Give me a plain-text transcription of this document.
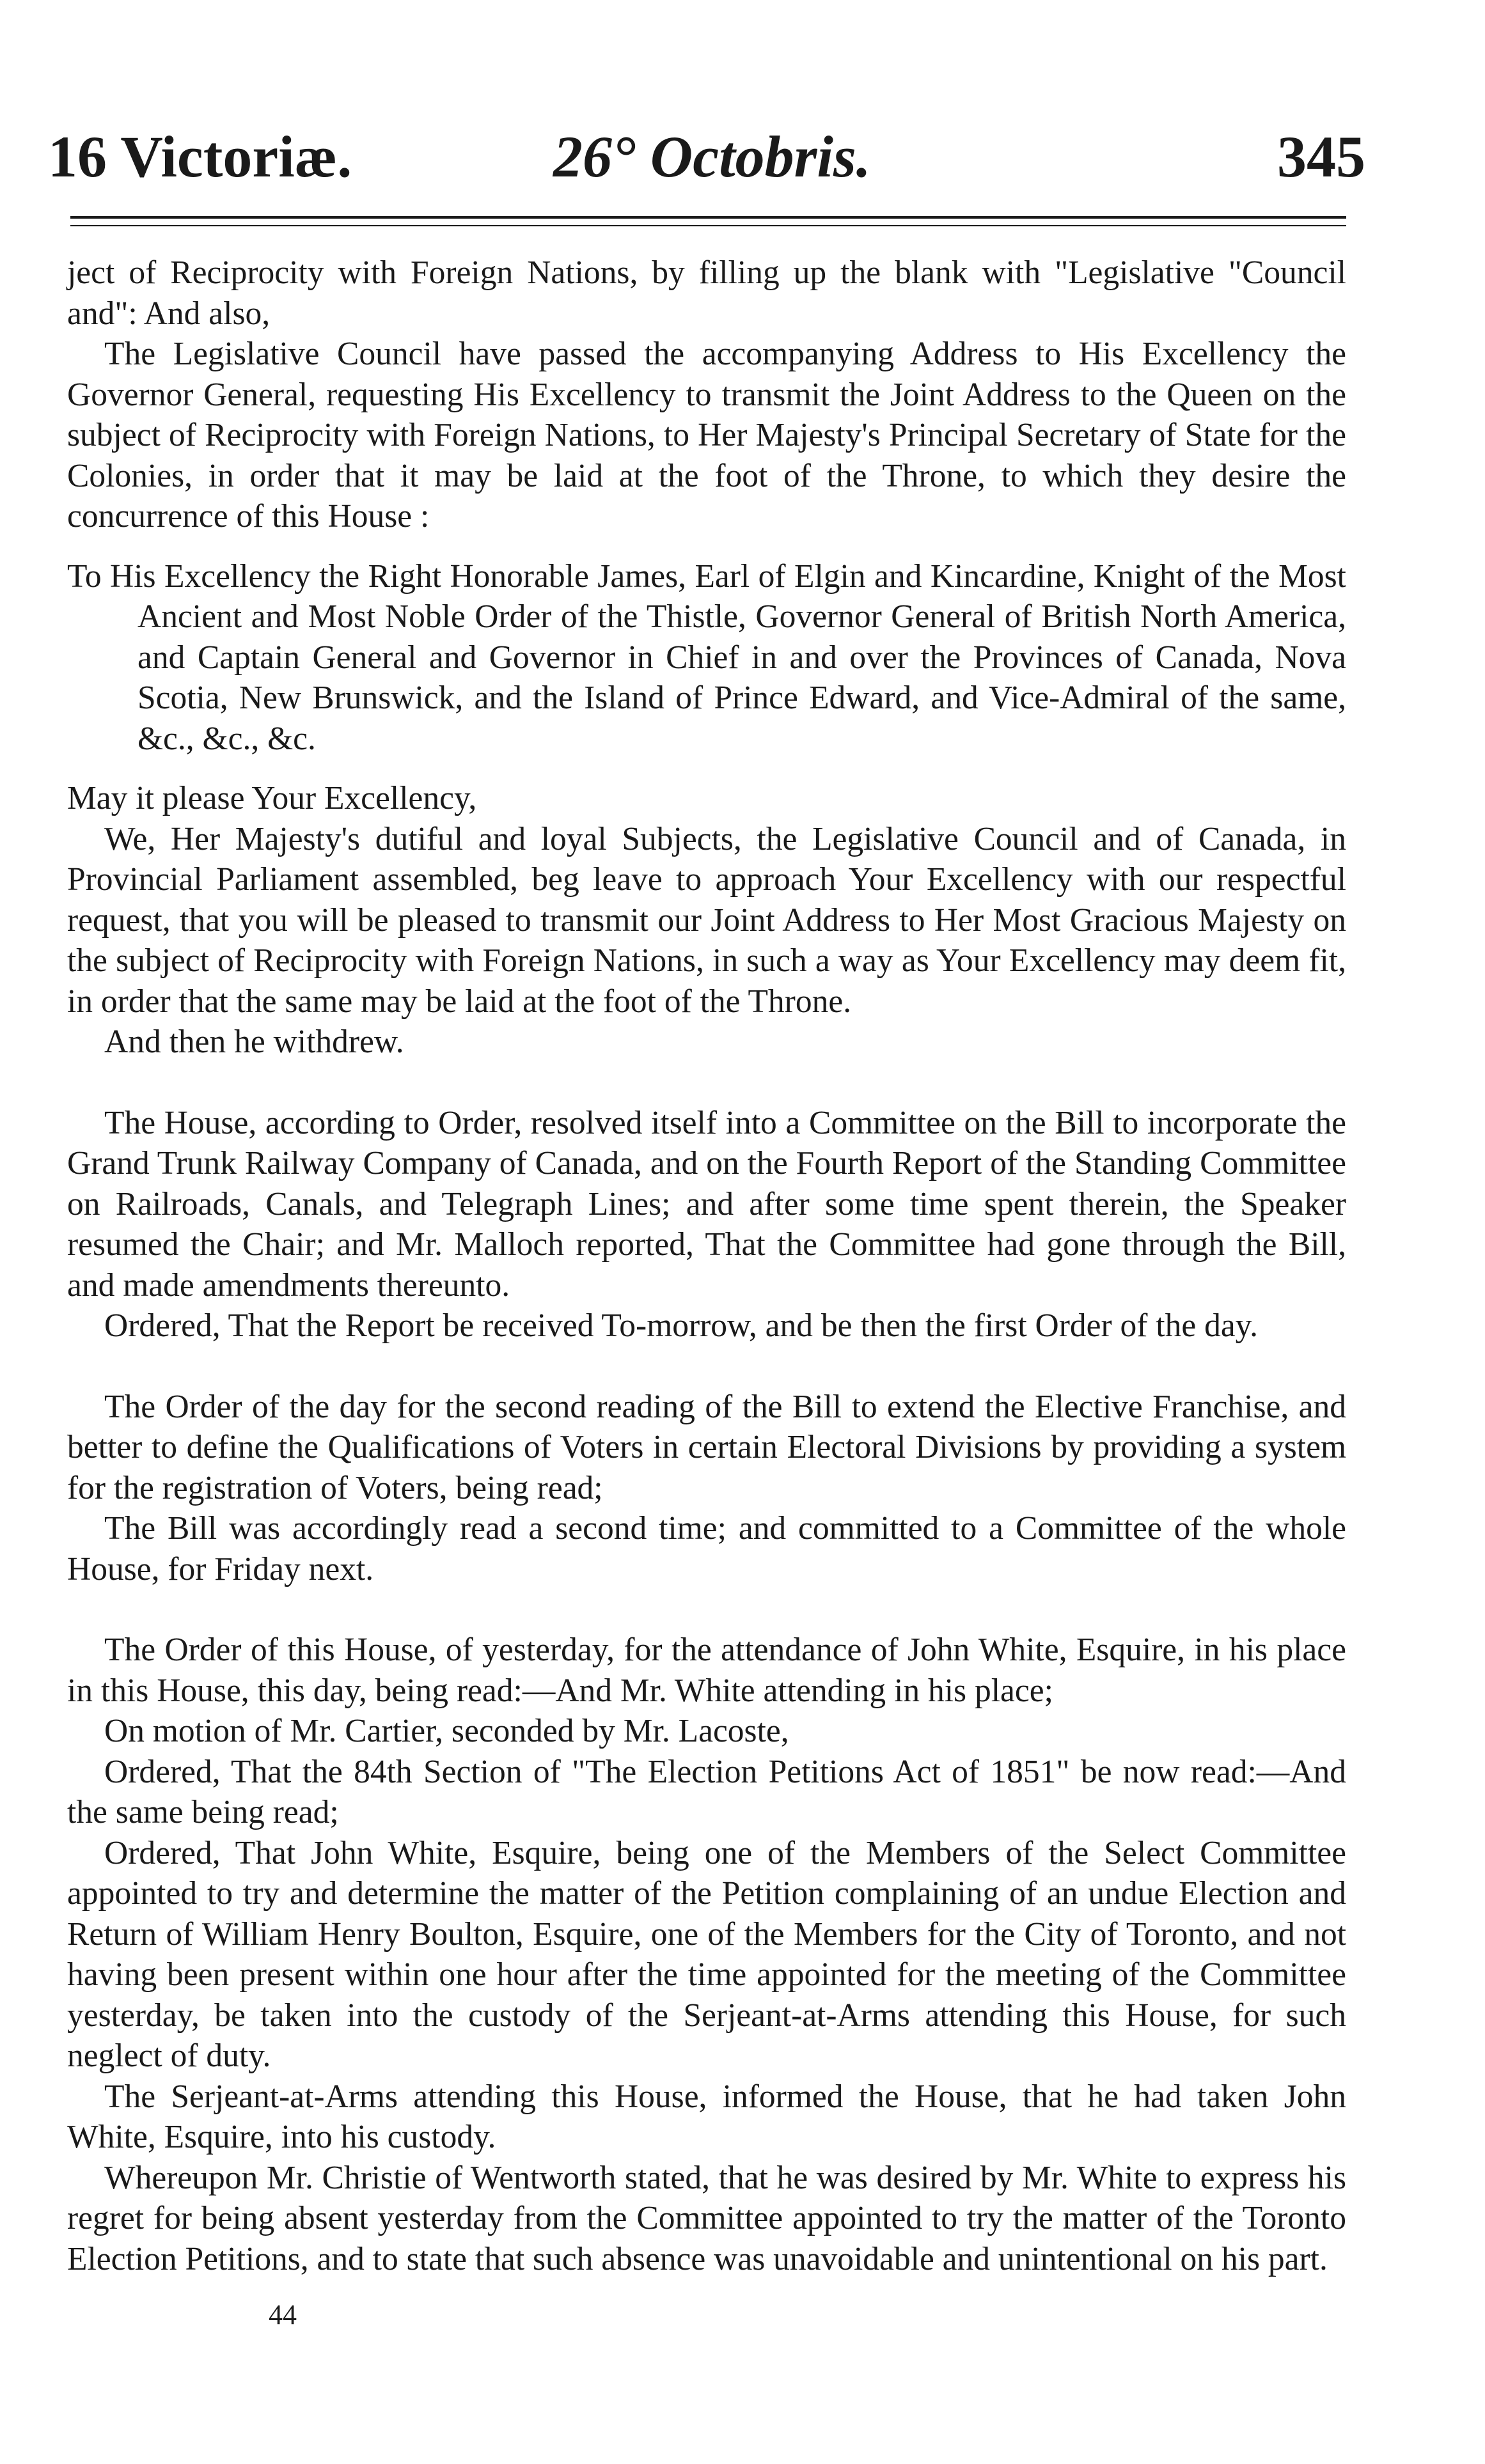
16 Victoriæ.	26° Octobris.	345

ject of Reciprocity with Foreign Nations, by filling up the blank with "Legislative "Council and": And also,

The Legislative Council have passed the accompanying Address to His Excellency the Governor General, requesting His Excellency to transmit the Joint Address to the Queen on the subject of Reciprocity with Foreign Nations, to Her Majesty's Principal Secretary of State for the Colonies, in order that it may be laid at the foot of the Throne, to which they desire the concurrence of this House :

To His Excellency the Right Honorable James, Earl of Elgin and Kincardine, Knight of the Most Ancient and Most Noble Order of the Thistle, Governor General of British North America, and Captain General and Governor in Chief in and over the Provinces of Canada, Nova Scotia, New Brunswick, and the Island of Prince Edward, and Vice-Admiral of the same, &c., &c., &c.

May it please Your Excellency,

We, Her Majesty's dutiful and loyal Subjects, the Legislative Council and of Canada, in Provincial Parliament assembled, beg leave to approach Your Excellency with our respectful request, that you will be pleased to transmit our Joint Address to Her Most Gracious Majesty on the subject of Reciprocity with Foreign Nations, in such a way as Your Excellency may deem fit, in order that the same may be laid at the foot of the Throne.

And then he withdrew.

The House, according to Order, resolved itself into a Committee on the Bill to incorporate the Grand Trunk Railway Company of Canada, and on the Fourth Report of the Standing Committee on Railroads, Canals, and Telegraph Lines; and after some time spent therein, the Speaker resumed the Chair; and Mr. Malloch reported, That the Committee had gone through the Bill, and made amendments thereunto.

Ordered, That the Report be received To-morrow, and be then the first Order of the day.

The Order of the day for the second reading of the Bill to extend the Elective Franchise, and better to define the Qualifications of Voters in certain Electoral Divisions by providing a system for the registration of Voters, being read;

The Bill was accordingly read a second time; and committed to a Committee of the whole House, for Friday next.

The Order of this House, of yesterday, for the attendance of John White, Esquire, in his place in this House, this day, being read:—And Mr. White attending in his place;

On motion of Mr. Cartier, seconded by Mr. Lacoste,

Ordered, That the 84th Section of "The Election Petitions Act of 1851" be now read:—And the same being read;

Ordered, That John White, Esquire, being one of the Members of the Select Committee appointed to try and determine the matter of the Petition complaining of an undue Election and Return of William Henry Boulton, Esquire, one of the Members for the City of Toronto, and not having been present within one hour after the time appointed for the meeting of the Committee yesterday, be taken into the custody of the Serjeant-at-Arms attending this House, for such neglect of duty.

The Serjeant-at-Arms attending this House, informed the House, that he had taken John White, Esquire, into his custody.

Whereupon Mr. Christie of Wentworth stated, that he was desired by Mr. White to express his regret for being absent yesterday from the Committee appointed to try the matter of the Toronto Election Petitions, and to state that such absence was unavoidable and unintentional on his part.

44
